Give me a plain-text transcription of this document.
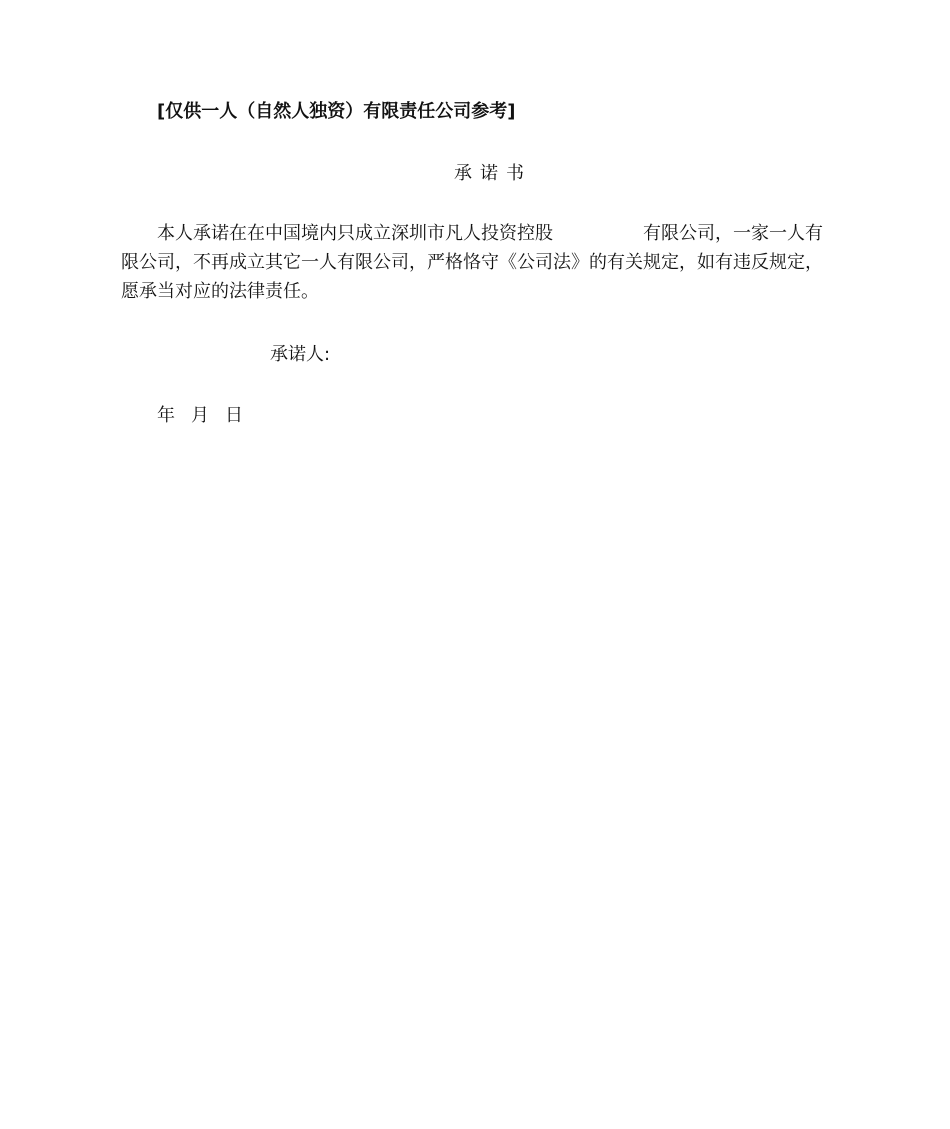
[仅供一人（自然人独资）有限责任公司参考]
承诺书
本人承诺在在中国境内只成立深圳市凡人投资控股	有限公司，一家一人有
限公司，不再成立其它一人有限公司，严格恪守《公司法》的有关规定，如有违反规定，
愿承当对应的法律责任。
承诺人:
年 月 日
